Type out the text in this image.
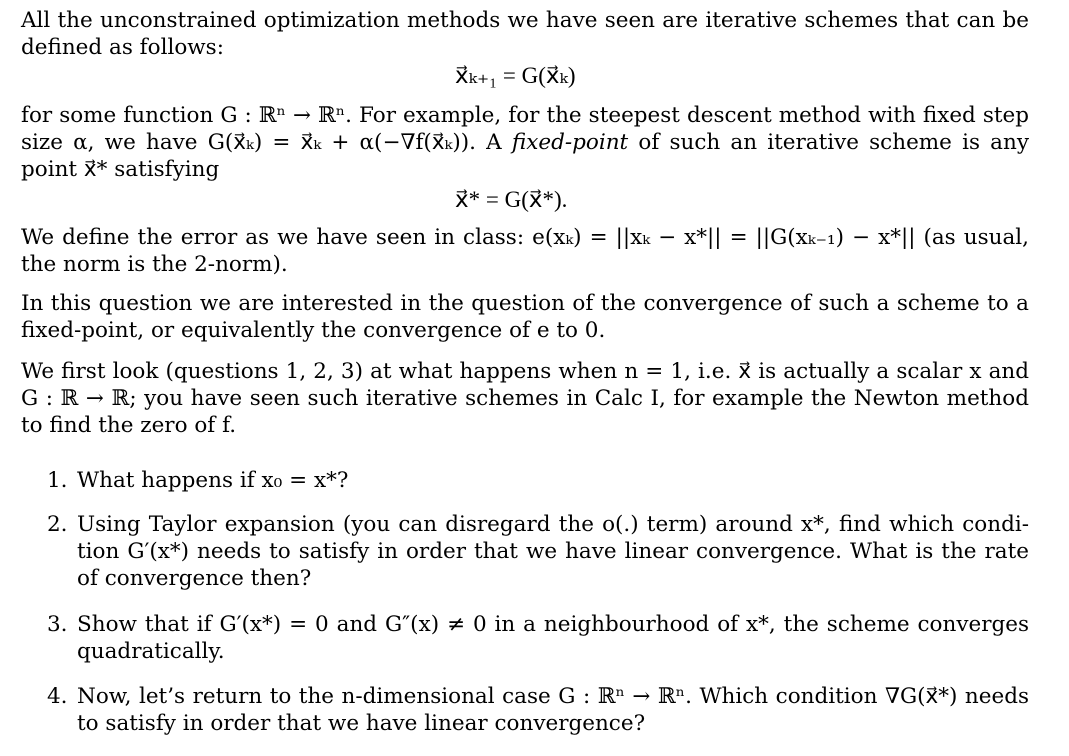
All the unconstrained optimization methods we have seen are iterative schemes that can be
defined as follows:
x⃗ₖ₊₁ = G(x⃗ₖ)
for some function G : ℝⁿ → ℝⁿ. For example, for the steepest descent method with fixed step
size α, we have G(x⃗ₖ) = x⃗ₖ + α(−∇f(x⃗ₖ)). A fixed-point of such an iterative scheme is any
point x⃗* satisfying
x⃗* = G(x⃗*).
We define the error as we have seen in class: e(xₖ) = ||xₖ − x*|| = ||G(xₖ₋₁) − x*|| (as usual,
the norm is the 2-norm).
In this question we are interested in the question of the convergence of such a scheme to a
fixed-point, or equivalently the convergence of e to 0.
We first look (questions 1, 2, 3) at what happens when n = 1, i.e. x⃗ is actually a scalar x and
G : ℝ → ℝ; you have seen such iterative schemes in Calc I, for example the Newton method
to find the zero of f.
1. What happens if x₀ = x*?
2. Using Taylor expansion (you can disregard the o(.) term) around x*, find which condi-
tion G′(x*) needs to satisfy in order that we have linear convergence. What is the rate
of convergence then?
3. Show that if G′(x*) = 0 and G″(x) ≠ 0 in a neighbourhood of x*, the scheme converges
quadratically.
4. Now, let’s return to the n-dimensional case G : ℝⁿ → ℝⁿ. Which condition ∇G(x⃗*) needs
to satisfy in order that we have linear convergence?
